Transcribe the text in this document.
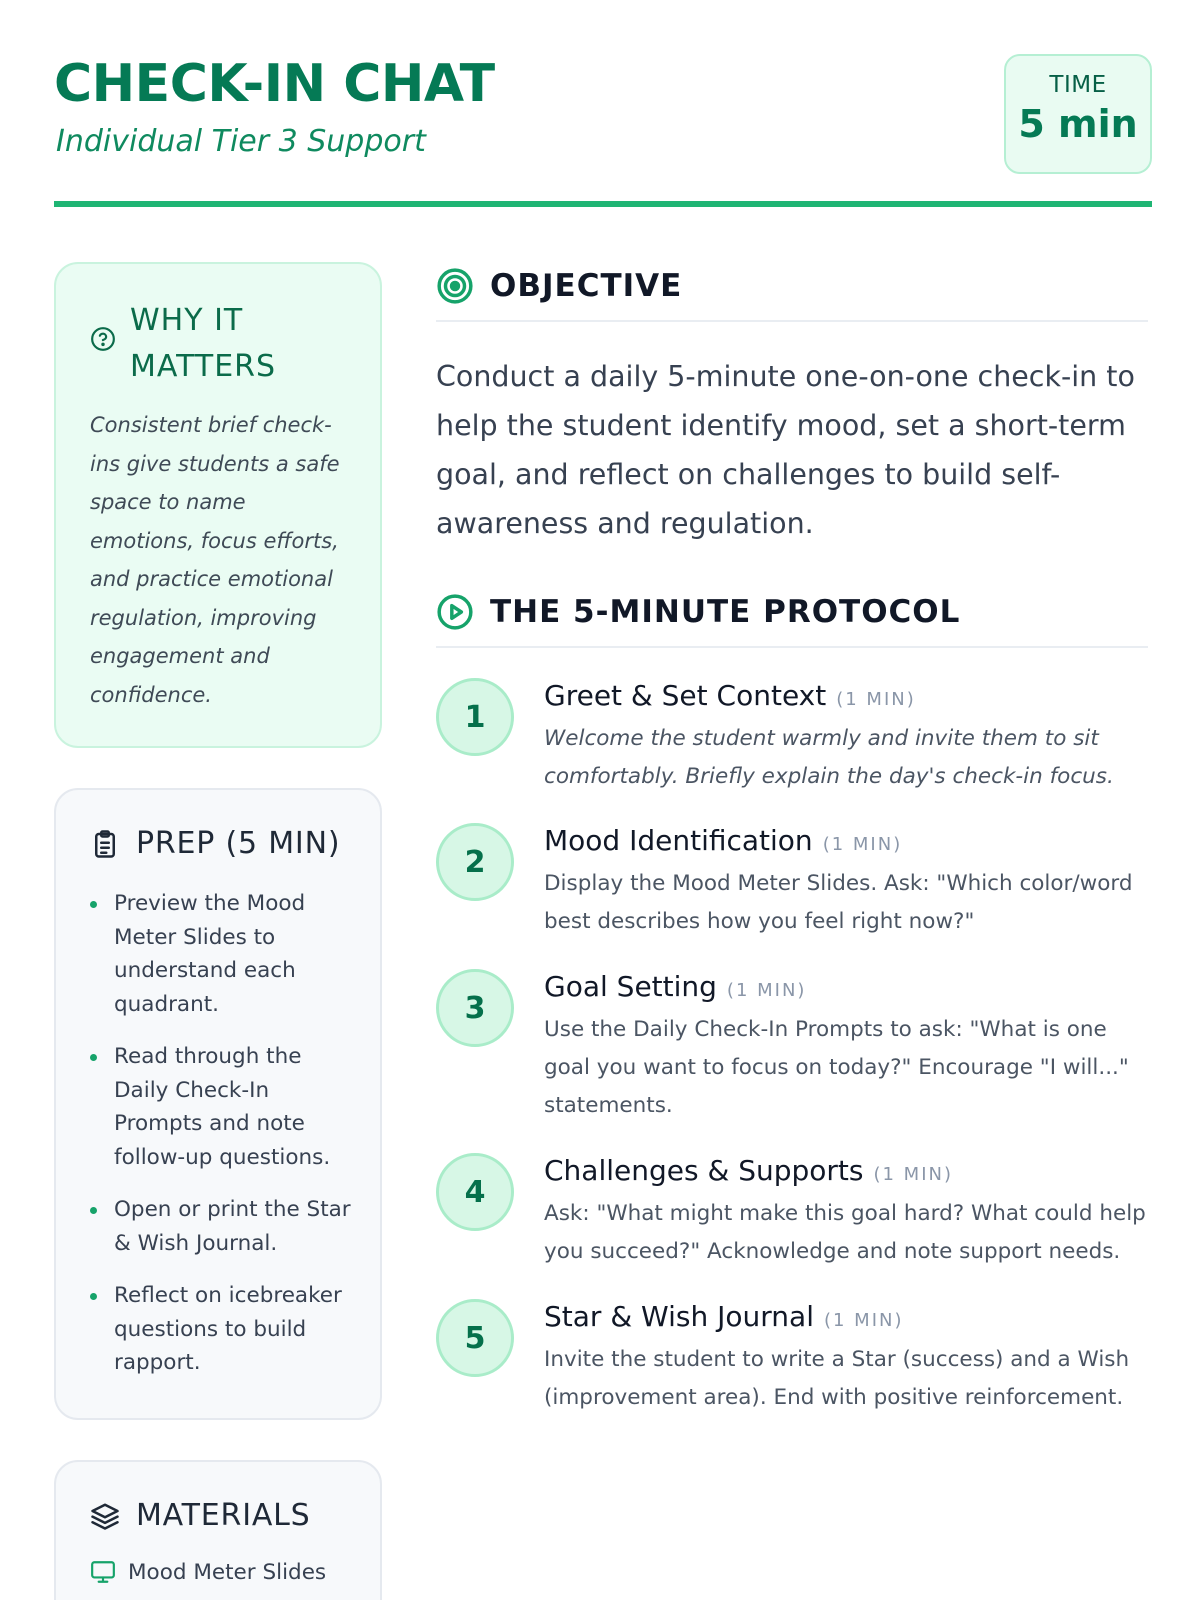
CHECK-IN CHAT
Individual Tier 3 Support
TIME
5 min
WHY IT
MATTERS
Consistent brief check-ins give students a safe space to name emotions, focus efforts, and practice emotional regulation, improving engagement and confidence.
PREP (5 MIN)
Preview the Mood Meter Slides to understand each quadrant.
Read through the Daily Check-In Prompts and note follow-up questions.
Open or print the Star & Wish Journal.
Reflect on icebreaker questions to build rapport.
MATERIALS
Mood Meter Slides
OBJECTIVE
Conduct a daily 5-minute one-on-one check-in to help the student identify mood, set a short-term goal, and reflect on challenges to build self-awareness and regulation.
THE 5-MINUTE PROTOCOL
1
Greet & Set Context (1 MIN)
Welcome the student warmly and invite them to sit comfortably. Briefly explain the day's check-in focus.
2
Mood Identification (1 MIN)
Display the Mood Meter Slides. Ask: "Which color/word best describes how you feel right now?"
3
Goal Setting (1 MIN)
Use the Daily Check-In Prompts to ask: "What is one goal you want to focus on today?" Encourage "I will..." statements.
4
Challenges & Supports (1 MIN)
Ask: "What might make this goal hard? What could help you succeed?" Acknowledge and note support needs.
5
Star & Wish Journal (1 MIN)
Invite the student to write a Star (success) and a Wish (improvement area). End with positive reinforcement.
